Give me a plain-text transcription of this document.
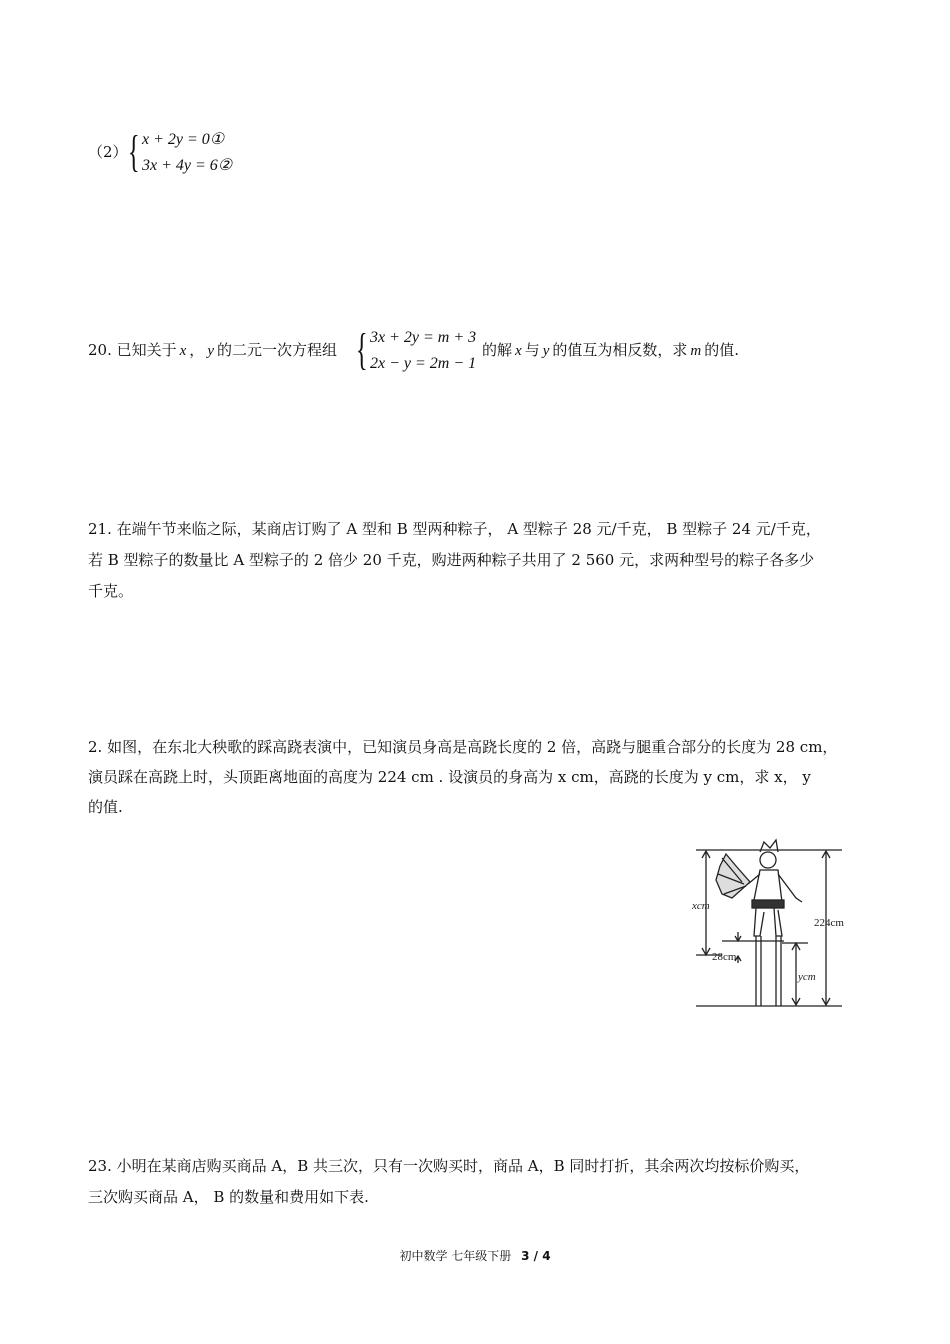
（2） { x + 2y = 0①
3x + 4y = 6②
20. 已知关于 x ， y 的二元一次方程组 { 3x + 2y = m + 3
2x − y = 2m − 1
的解 x 与 y 的值互为相反数，求 m 的值.
21. 在端午节来临之际，某商店订购了 A 型和 B 型两种粽子， A 型粽子 28 元/千克， B 型粽子 24 元/千克，
若 B 型粽子的数量比 A 型粽子的 2 倍少 20 千克，购进两种粽子共用了 2 560 元，求两种型号的粽子各多少
千克。
2. 如图，在东北大秧歌的踩高跷表演中，已知演员身高是高跷长度的 2 倍，高跷与腿重合部分的长度为 28 cm，
演员踩在高跷上时，头顶距离地面的高度为 224 cm . 设演员的身高为 x cm，高跷的长度为 y cm，求 x， y
的值.
xcm
28cm
ycm
224cm
23. 小明在某商店购买商品 A，B 共三次，只有一次购买时，商品 A，B 同时打折，其余两次均按标价购买，
三次购买商品 A， B 的数量和费用如下表.
初中数学 七年级下册 3 / 4
